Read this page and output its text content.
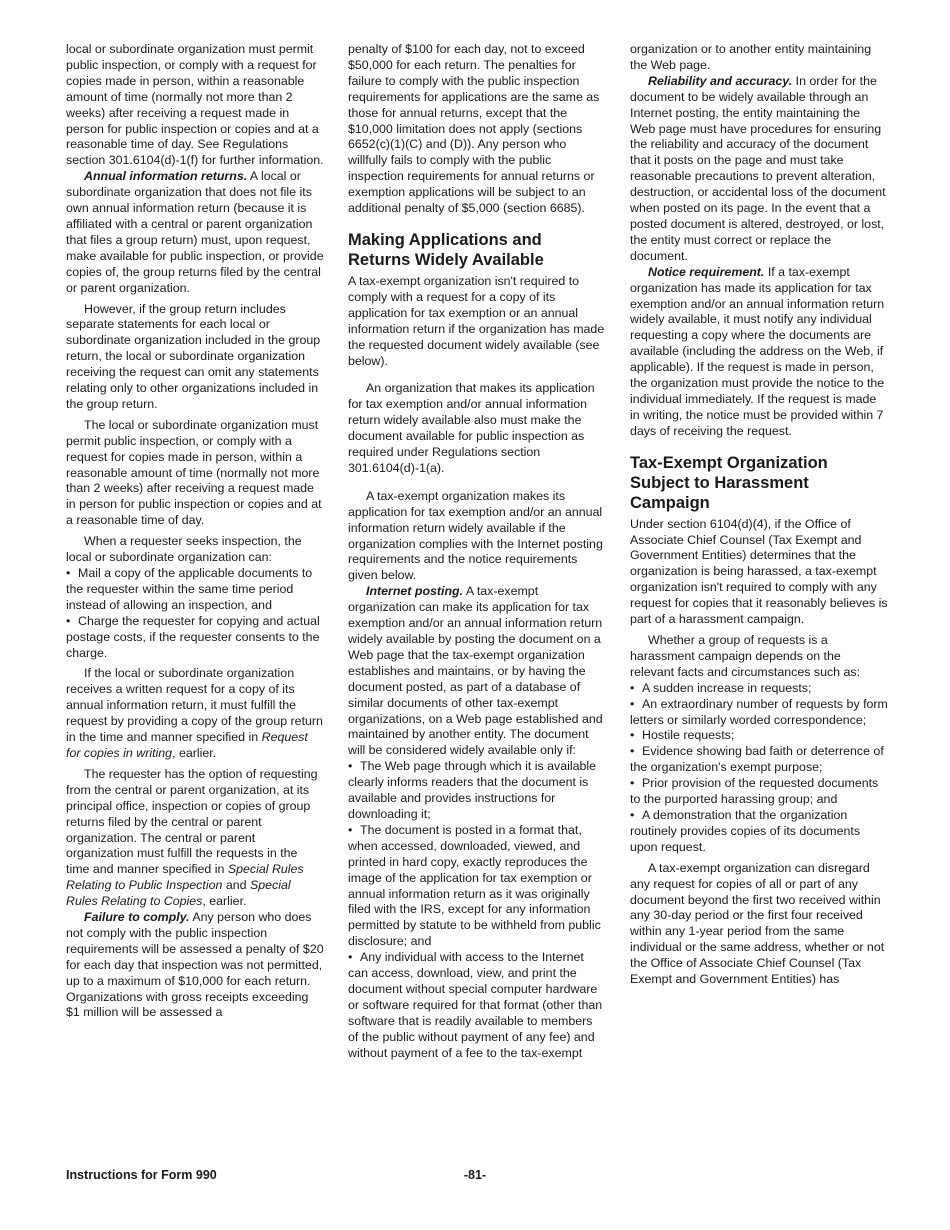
local or subordinate organization must permit public inspection, or comply with a request for copies made in person, within a reasonable amount of time (normally not more than 2 weeks) after receiving a request made in person for public inspection or copies and at a reasonable time of day. See Regulations section 301.6104(d)-1(f) for further information.

Annual information returns. A local or subordinate organization that does not file its own annual information return (because it is affiliated with a central or parent organization that files a group return) must, upon request, make available for public inspection, or provide copies of, the group returns filed by the central or parent organization.

However, if the group return includes separate statements for each local or subordinate organization included in the group return, the local or subordinate organization receiving the request can omit any statements relating only to other organizations included in the group return.

The local or subordinate organization must permit public inspection, or comply with a request for copies made in person, within a reasonable amount of time (normally not more than 2 weeks) after receiving a request made in person for public inspection or copies and at a reasonable time of day.

When a requester seeks inspection, the local or subordinate organization can:

• Mail a copy of the applicable documents to the requester within the same time period instead of allowing an inspection, and

• Charge the requester for copying and actual postage costs, if the requester consents to the charge.

If the local or subordinate organization receives a written request for a copy of its annual information return, it must fulfill the request by providing a copy of the group return in the time and manner specified in Request for copies in writing, earlier.

The requester has the option of requesting from the central or parent organization, at its principal office, inspection or copies of group returns filed by the central or parent organization. The central or parent organization must fulfill the requests in the time and manner specified in Special Rules Relating to Public Inspection and Special Rules Relating to Copies, earlier.

Failure to comply. Any person who does not comply with the public inspection requirements will be assessed a penalty of $20 for each day that inspection was not permitted, up to a maximum of $10,000 for each return. Organizations with gross receipts exceeding $1 million will be assessed a

penalty of $100 for each day, not to exceed $50,000 for each return. The penalties for failure to comply with the public inspection requirements for applications are the same as those for annual returns, except that the $10,000 limitation does not apply (sections 6652(c)(1)(C) and (D)). Any person who willfully fails to comply with the public inspection requirements for annual returns or exemption applications will be subject to an additional penalty of $5,000 (section 6685).

Making Applications and Returns Widely Available

A tax-exempt organization isn't required to comply with a request for a copy of its application for tax exemption or an annual information return if the organization has made the requested document widely available (see below).

An organization that makes its application for tax exemption and/or annual information return widely available also must make the document available for public inspection as required under Regulations section 301.6104(d)-1(a).

A tax-exempt organization makes its application for tax exemption and/or an annual information return widely available if the organization complies with the Internet posting requirements and the notice requirements given below.

Internet posting. A tax-exempt organization can make its application for tax exemption and/or an annual information return widely available by posting the document on a Web page that the tax-exempt organization establishes and maintains, or by having the document posted, as part of a database of similar documents of other tax-exempt organizations, on a Web page established and maintained by another entity. The document will be considered widely available only if:

• The Web page through which it is available clearly informs readers that the document is available and provides instructions for downloading it;

• The document is posted in a format that, when accessed, downloaded, viewed, and printed in hard copy, exactly reproduces the image of the application for tax exemption or annual information return as it was originally filed with the IRS, except for any information permitted by statute to be withheld from public disclosure; and

• Any individual with access to the Internet can access, download, view, and print the document without special computer hardware or software required for that format (other than software that is readily available to members of the public without payment of any fee) and without payment of a fee to the tax-exempt

organization or to another entity maintaining the Web page.

Reliability and accuracy. In order for the document to be widely available through an Internet posting, the entity maintaining the Web page must have procedures for ensuring the reliability and accuracy of the document that it posts on the page and must take reasonable precautions to prevent alteration, destruction, or accidental loss of the document when posted on its page. In the event that a posted document is altered, destroyed, or lost, the entity must correct or replace the document.

Notice requirement. If a tax-exempt organization has made its application for tax exemption and/or an annual information return widely available, it must notify any individual requesting a copy where the documents are available (including the address on the Web, if applicable). If the request is made in person, the organization must provide the notice to the individual immediately. If the request is made in writing, the notice must be provided within 7 days of receiving the request.

Tax-Exempt Organization Subject to Harassment Campaign

Under section 6104(d)(4), if the Office of Associate Chief Counsel (Tax Exempt and Government Entities) determines that the organization is being harassed, a tax-exempt organization isn't required to comply with any request for copies that it reasonably believes is part of a harassment campaign.

Whether a group of requests is a harassment campaign depends on the relevant facts and circumstances such as:

• A sudden increase in requests;

• An extraordinary number of requests by form letters or similarly worded correspondence;

• Hostile requests;

• Evidence showing bad faith or deterrence of the organization's exempt purpose;

• Prior provision of the requested documents to the purported harassing group; and

• A demonstration that the organization routinely provides copies of its documents upon request.

A tax-exempt organization can disregard any request for copies of all or part of any document beyond the first two received within any 30-day period or the first four received within any 1-year period from the same individual or the same address, whether or not the Office of Associate Chief Counsel (Tax Exempt and Government Entities) has

Instructions for Form 990	-81-
